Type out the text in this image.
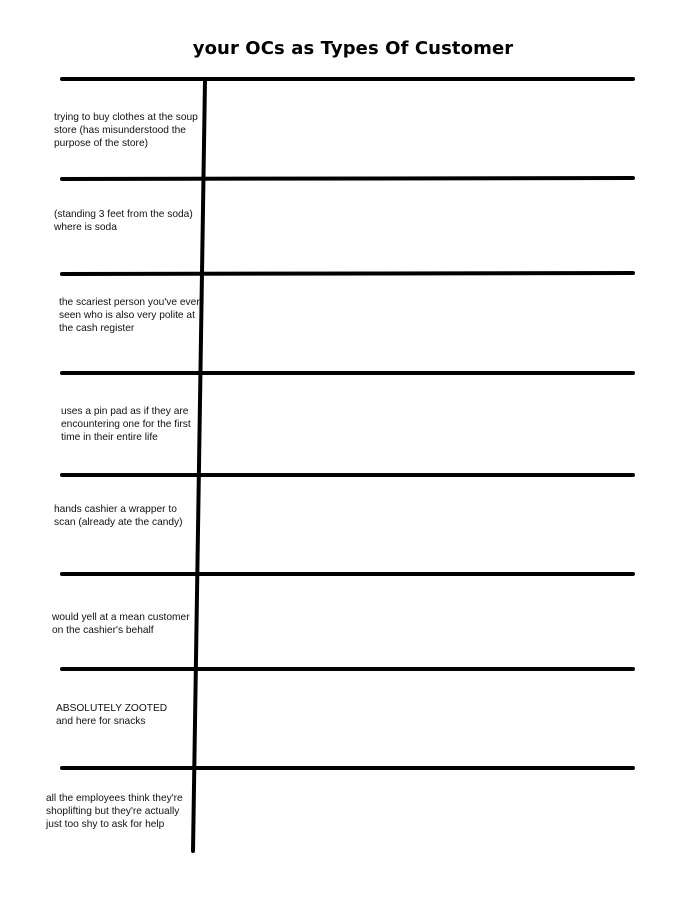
your OCs as Types Of Customer
trying to buy clothes at the soup store (has misunderstood the purpose of the store)
(standing 3 feet from the soda) where is soda
the scariest person you've ever seen who is also very polite at the cash register
uses a pin pad as if they are encountering one for the first time in their entire life
hands cashier a wrapper to scan (already ate the candy)
would yell at a mean customer on the cashier's behalf
ABSOLUTELY ZOOTED and here for snacks
all the employees think they're shoplifting but they're actually just too shy to ask for help
